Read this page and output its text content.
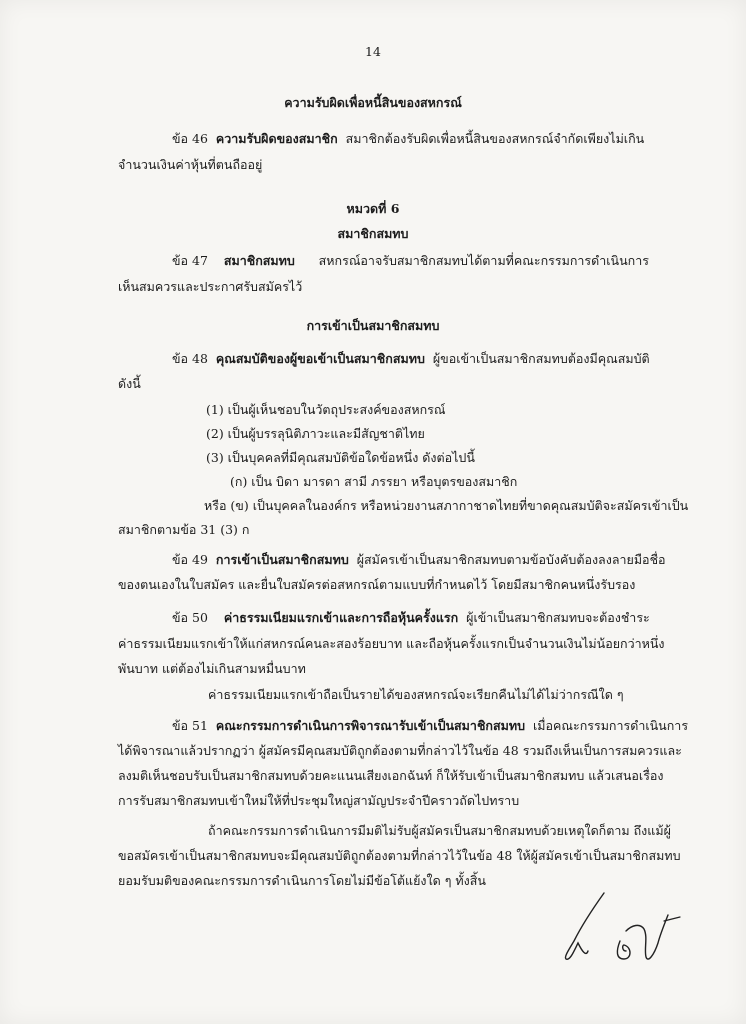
14
ความรับผิดเพื่อหนี้สินของสหกรณ์
ข้อ 46 ความรับผิดของสมาชิก สมาชิกต้องรับผิดเพื่อหนี้สินของสหกรณ์จำกัดเพียงไม่เกิน
จำนวนเงินค่าหุ้นที่ตนถืออยู่
หมวดที่ 6
สมาชิกสมทบ
ข้อ 47 สมาชิกสมทบ สหกรณ์อาจรับสมาชิกสมทบได้ตามที่คณะกรรมการดำเนินการ
เห็นสมควรและประกาศรับสมัครไว้
การเข้าเป็นสมาชิกสมทบ
ข้อ 48 คุณสมบัติของผู้ขอเข้าเป็นสมาชิกสมทบ ผู้ขอเข้าเป็นสมาชิกสมทบต้องมีคุณสมบัติ
ดังนี้
(1) เป็นผู้เห็นชอบในวัตถุประสงค์ของสหกรณ์
(2) เป็นผู้บรรลุนิติภาวะและมีสัญชาติไทย
(3) เป็นบุคคลที่มีคุณสมบัติข้อใดข้อหนึ่ง ดังต่อไปนี้
(ก) เป็น บิดา มารดา สามี ภรรยา หรือบุตรของสมาชิก
หรือ (ข) เป็นบุคคลในองค์กร หรือหน่วยงานสภากาชาดไทยที่ขาดคุณสมบัติจะสมัครเข้าเป็น
สมาชิกตามข้อ 31 (3) ก
ข้อ 49 การเข้าเป็นสมาชิกสมทบ ผู้สมัครเข้าเป็นสมาชิกสมทบตามข้อบังคับต้องลงลายมือชื่อ
ของตนเองในใบสมัคร และยื่นใบสมัครต่อสหกรณ์ตามแบบที่กำหนดไว้ โดยมีสมาชิกคนหนึ่งรับรอง
ข้อ 50 ค่าธรรมเนียมแรกเข้าและการถือหุ้นครั้งแรก ผู้เข้าเป็นสมาชิกสมทบจะต้องชำระ
ค่าธรรมเนียมแรกเข้าให้แก่สหกรณ์คนละสองร้อยบาท และถือหุ้นครั้งแรกเป็นจำนวนเงินไม่น้อยกว่าหนึ่ง
พันบาท แต่ต้องไม่เกินสามหมื่นบาท
ค่าธรรมเนียมแรกเข้าถือเป็นรายได้ของสหกรณ์จะเรียกคืนไม่ได้ไม่ว่ากรณีใด ๆ
ข้อ 51 คณะกรรมการดำเนินการพิจารณารับเข้าเป็นสมาชิกสมทบ เมื่อคณะกรรมการดำเนินการ
ได้พิจารณาแล้วปรากฏว่า ผู้สมัครมีคุณสมบัติถูกต้องตามที่กล่าวไว้ในข้อ 48 รวมถึงเห็นเป็นการสมควรและ
ลงมติเห็นชอบรับเป็นสมาชิกสมทบด้วยคะแนนเสียงเอกฉันท์ ก็ให้รับเข้าเป็นสมาชิกสมทบ แล้วเสนอเรื่อง
การรับสมาชิกสมทบเข้าใหม่ให้ที่ประชุมใหญ่สามัญประจำปีคราวถัดไปทราบ
ถ้าคณะกรรมการดำเนินการมีมติไม่รับผู้สมัครเป็นสมาชิกสมทบด้วยเหตุใดก็ตาม ถึงแม้ผู้
ขอสมัครเข้าเป็นสมาชิกสมทบจะมีคุณสมบัติถูกต้องตามที่กล่าวไว้ในข้อ 48 ให้ผู้สมัครเข้าเป็นสมาชิกสมทบ
ยอมรับมติของคณะกรรมการดำเนินการโดยไม่มีข้อโต้แย้งใด ๆ ทั้งสิ้น
